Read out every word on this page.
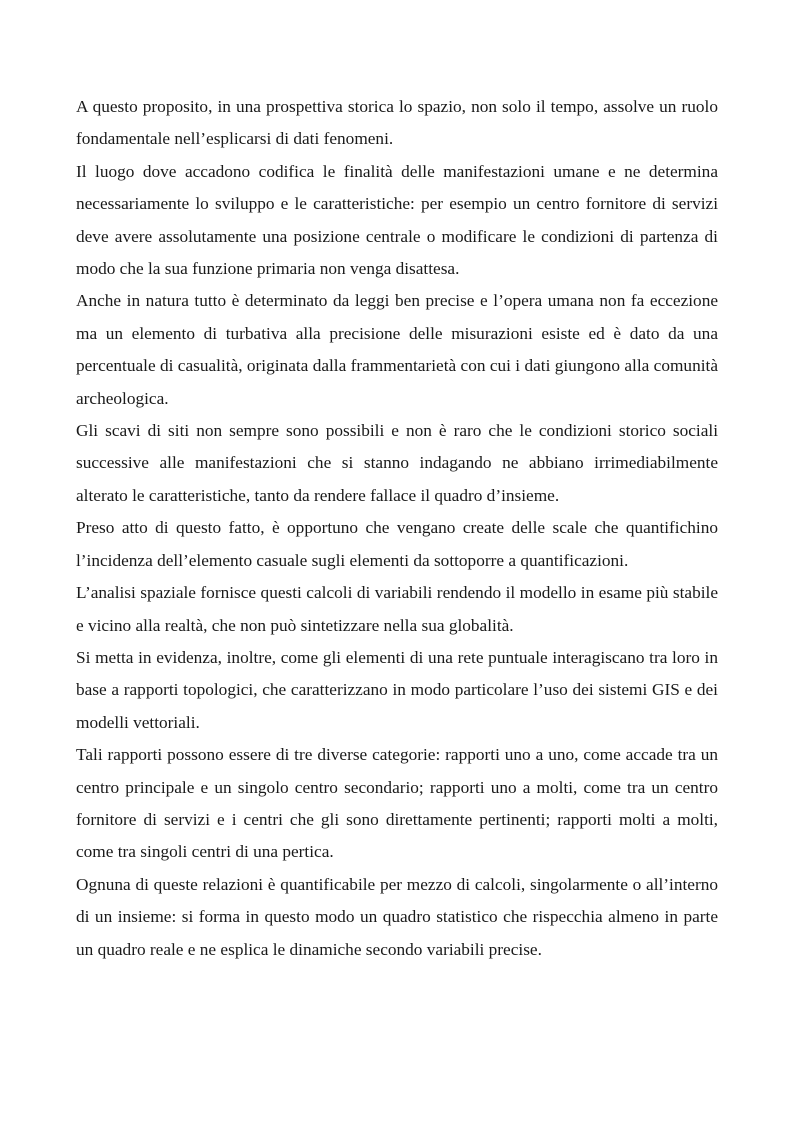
A questo proposito, in una prospettiva storica lo spazio, non solo il tempo, assolve un ruolo fondamentale nell’esplicarsi di dati fenomeni.

Il luogo dove accadono codifica le finalità delle manifestazioni umane e ne determina necessariamente lo sviluppo e le caratteristiche: per esempio un centro fornitore di servizi deve avere assolutamente una posizione centrale o modificare le condizioni di partenza di modo che la sua funzione primaria non venga disattesa.

Anche in natura tutto è determinato da leggi ben precise e l’opera umana non fa eccezione ma un elemento di turbativa alla precisione delle misurazioni esiste ed è dato da una percentuale di casualità, originata dalla frammentarietà con cui i dati giungono alla comunità archeologica.

Gli scavi di siti non sempre sono possibili e non è raro che le condizioni storico sociali successive alle manifestazioni che si stanno indagando ne abbiano irrimediabilmente alterato le caratteristiche, tanto da rendere fallace il quadro d’insieme.

Preso atto di questo fatto, è opportuno che vengano create delle scale che quantifichino l’incidenza dell’elemento casuale sugli elementi da sottoporre a quantificazioni.

L’analisi spaziale fornisce questi calcoli di variabili rendendo il modello in esame più stabile e vicino alla realtà, che non può sintetizzare nella sua globalità.

Si metta in evidenza, inoltre, come gli elementi di una rete puntuale interagiscano tra loro in base a rapporti topologici, che caratterizzano in modo particolare l’uso dei sistemi GIS e dei modelli vettoriali.

Tali rapporti possono essere di tre diverse categorie: rapporti uno a uno, come accade tra un centro principale e un singolo centro secondario; rapporti uno a molti, come tra un centro fornitore di servizi e i centri che gli sono direttamente pertinenti; rapporti molti a molti, come tra singoli centri di una pertica.

Ognuna di queste relazioni è quantificabile per mezzo di calcoli, singolarmente o all’interno di un insieme: si forma in questo modo un quadro statistico che rispecchia almeno in parte un quadro reale e ne esplica le dinamiche secondo variabili precise.
